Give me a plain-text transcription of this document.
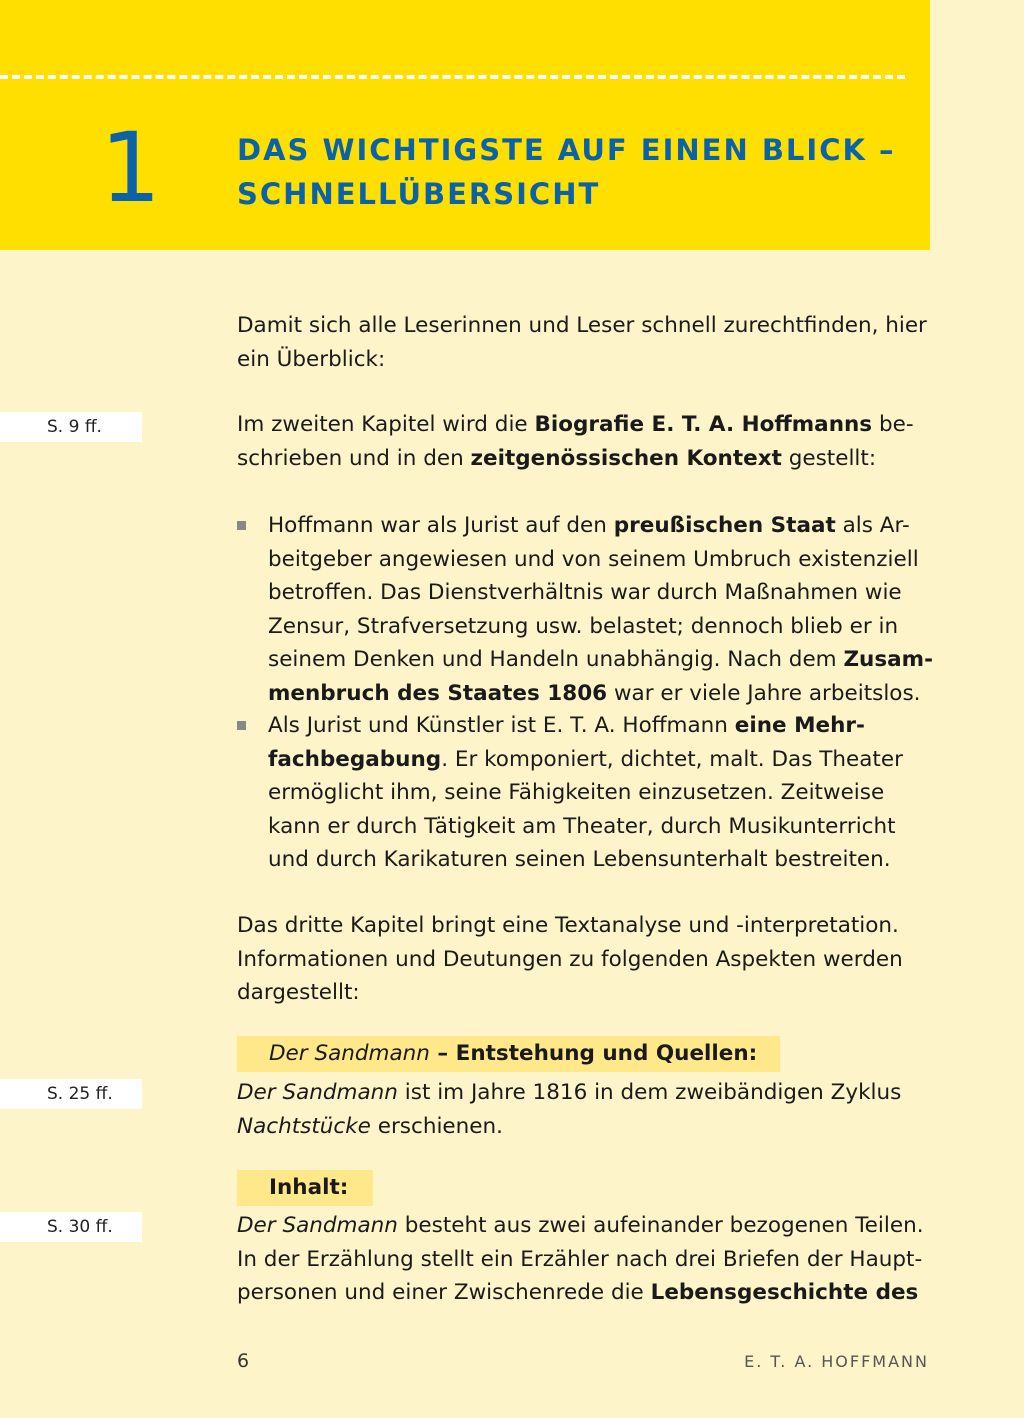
1	DAS WICHTIGSTE AUF EINEN BLICK –
SCHNELLÜBERSICHT
Damit sich alle Leserinnen und Leser schnell zurechtfinden, hier
ein Überblick:
S. 9 ff.	Im zweiten Kapitel wird die Biografie E. T. A. Hoffmanns be-
schrieben und in den zeitgenössischen Kontext gestellt:
Hoffmann war als Jurist auf den preußischen Staat als Ar-
beitgeber angewiesen und von seinem Umbruch existenziell
betroffen. Das Dienstverhältnis war durch Maßnahmen wie
Zensur, Strafversetzung usw. belastet; dennoch blieb er in
seinem Denken und Handeln unabhängig. Nach dem Zusam-
menbruch des Staates 1806 war er viele Jahre arbeitslos.
Als Jurist und Künstler ist E. T. A. Hoffmann eine Mehr-
fachbegabung. Er komponiert, dichtet, malt. Das Theater
ermöglicht ihm, seine Fähigkeiten einzusetzen. Zeitweise
kann er durch Tätigkeit am Theater, durch Musikunterricht
und durch Karikaturen seinen Lebensunterhalt bestreiten.
Das dritte Kapitel bringt eine Textanalyse und -interpretation.
Informationen und Deutungen zu folgenden Aspekten werden
dargestellt:
Der Sandmann – Entstehung und Quellen:
S. 25 ff.	Der Sandmann ist im Jahre 1816 in dem zweibändigen Zyklus
Nachtstücke erschienen.
Inhalt:
S. 30 ff.	Der Sandmann besteht aus zwei aufeinander bezogenen Teilen.
In der Erzählung stellt ein Erzähler nach drei Briefen der Haupt-
personen und einer Zwischenrede die Lebensgeschichte des
6	E. T. A. HOFFMANN
